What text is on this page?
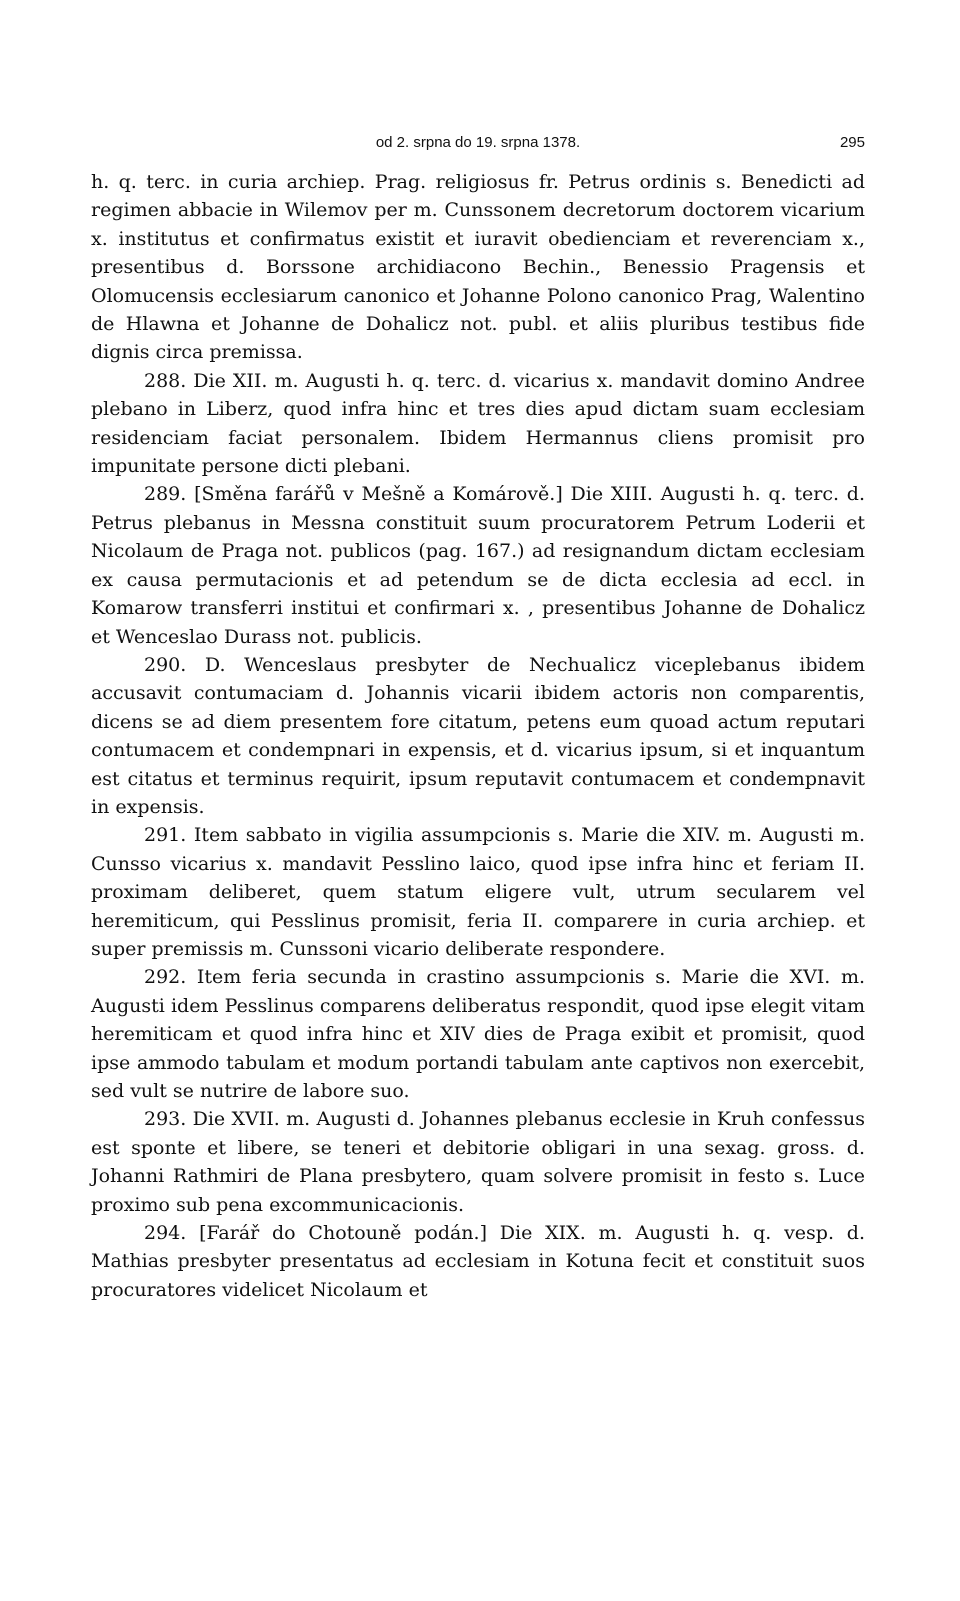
od 2. srpna do 19. srpna 1378.	295

h. q. terc. in curia archiep. Prag. religiosus fr. Petrus ordinis s. Benedicti ad regimen abbacie in Wilemov per m. Cunssonem decretorum doctorem vicarium x. institutus et confirmatus existit et iuravit obedienciam et reverenciam x., presentibus d. Borssone archidiacono Bechin., Benessio Pragensis et Olomucensis ecclesiarum canonico et Johanne Polono canonico Prag, Walentino de Hlawna et Johanne de Dohalicz not. publ. et aliis pluribus testibus fide dignis circa premissa.

288. Die XII. m. Augusti h. q. terc. d. vicarius x. mandavit domino Andree plebano in Liberz, quod infra hinc et tres dies apud dictam suam ecclesiam residenciam faciat personalem. Ibidem Hermannus cliens promisit pro impunitate persone dicti plebani.

289. [Směna farářů v Mešně a Komárově.] Die XIII. Augusti h. q. terc. d. Petrus plebanus in Messna constituit suum procuratorem Petrum Loderii et Nicolaum de Praga not. publicos (pag. 167.) ad resignandum dictam ecclesiam ex causa permutacionis et ad petendum se de dicta ecclesia ad eccl. in Komarow transferri institui et confirmari x. , presentibus Johanne de Dohalicz et Wenceslao Durass not. publicis.

290. D. Wenceslaus presbyter de Nechualicz viceplebanus ibidem accusavit contumaciam d. Johannis vicarii ibidem actoris non comparentis, dicens se ad diem presentem fore citatum, petens eum quoad actum reputari contumacem et condempnari in expensis, et d. vicarius ipsum, si et inquantum est citatus et terminus requirit, ipsum reputavit contumacem et condempnavit in expensis.

291. Item sabbato in vigilia assumpcionis s. Marie die XIV. m. Augusti m. Cunsso vicarius x. mandavit Pesslino laico, quod ipse infra hinc et feriam II. proximam deliberet, quem statum eligere vult, utrum secularem vel heremiticum, qui Pesslinus promisit, feria II. comparere in curia archiep. et super premissis m. Cunssoni vicario deliberate respondere.

292. Item feria secunda in crastino assumpcionis s. Marie die XVI. m. Augusti idem Pesslinus comparens deliberatus respondit, quod ipse elegit vitam heremiticam et quod infra hinc et XIV dies de Praga exibit et promisit, quod ipse ammodo tabulam et modum portandi tabulam ante captivos non exercebit, sed vult se nutrire de labore suo.

293. Die XVII. m. Augusti d. Johannes plebanus ecclesie in Kruh confessus est sponte et libere, se teneri et debitorie obligari in una sexag. gross. d. Johanni Rathmiri de Plana presbytero, quam solvere promisit in festo s. Luce proximo sub pena excommunicacionis.

294. [Farář do Chotouně podán.] Die XIX. m. Augusti h. q. vesp. d. Mathias presbyter presentatus ad ecclesiam in Kotuna fecit et constituit suos procuratores videlicet Nicolaum et
